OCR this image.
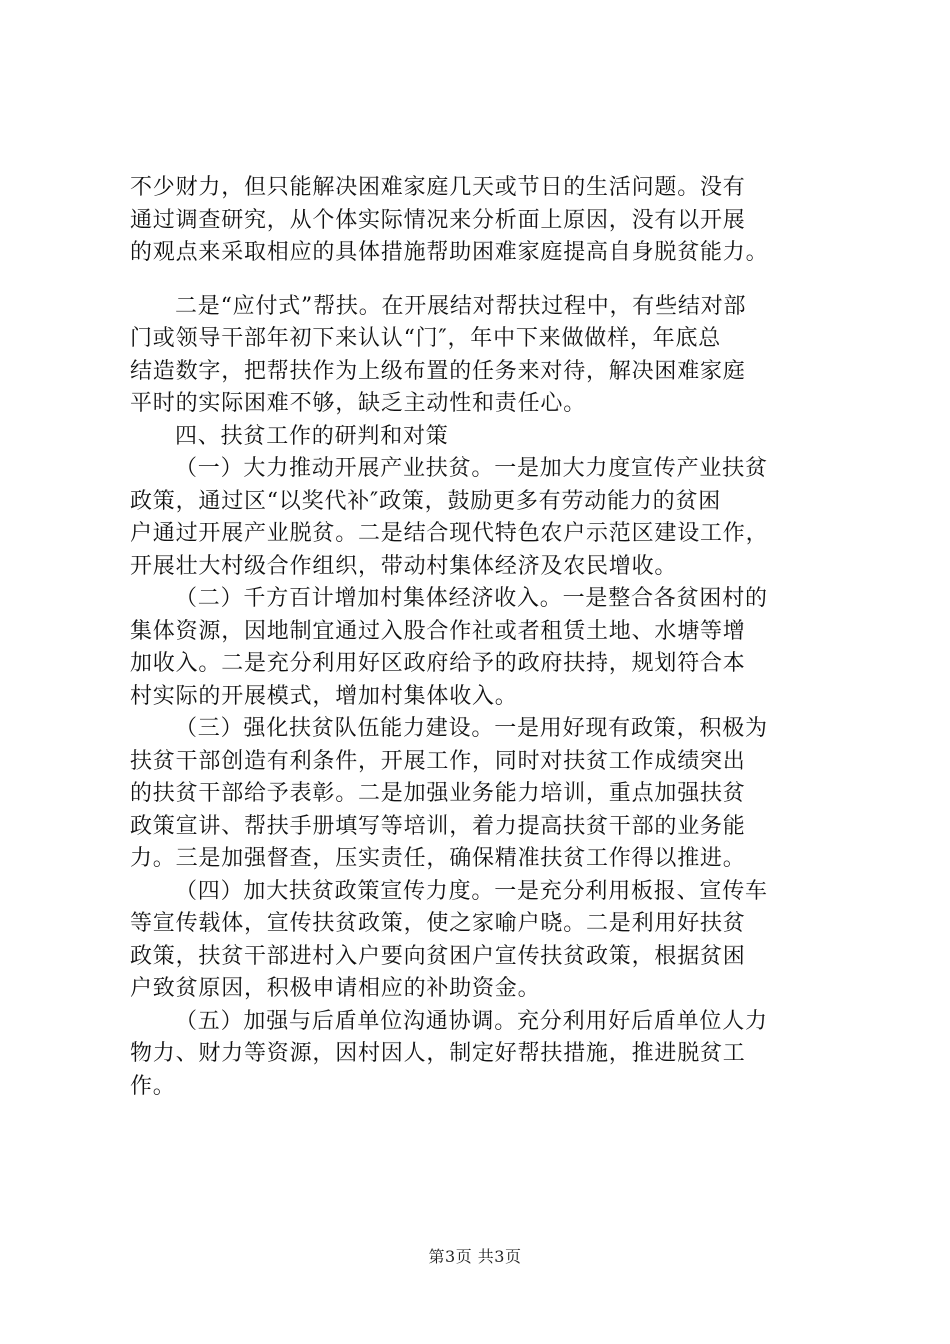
不少财力，但只能解决困难家庭几天或节日的生活问题。没有
通过调查研究，从个体实际情况来分析面上原因，没有以开展
的观点来采取相应的具体措施帮助困难家庭提高自身脱贫能力。
二是“应付式”帮扶。在开展结对帮扶过程中，有些结对部
门或领导干部年初下来认认“门″，年中下来做做样，年底总
结造数字，把帮扶作为上级布置的任务来对待，解决困难家庭
平时的实际困难不够，缺乏主动性和责任心。
四、扶贫工作的研判和对策
（一）大力推动开展产业扶贫。一是加大力度宣传产业扶贫
政策，通过区“以奖代补″政策，鼓励更多有劳动能力的贫困
户通过开展产业脱贫。二是结合现代特色农户示范区建设工作，
开展壮大村级合作组织，带动村集体经济及农民增收。
（二）千方百计增加村集体经济收入。一是整合各贫困村的
集体资源，因地制宜通过入股合作社或者租赁土地、水塘等增
加收入。二是充分利用好区政府给予的政府扶持，规划符合本
村实际的开展模式，增加村集体收入。
（三）强化扶贫队伍能力建设。一是用好现有政策，积极为
扶贫干部创造有利条件，开展工作，同时对扶贫工作成绩突出
的扶贫干部给予表彰。二是加强业务能力培训，重点加强扶贫
政策宣讲、帮扶手册填写等培训，着力提高扶贫干部的业务能
力。三是加强督查，压实责任，确保精准扶贫工作得以推进。
（四）加大扶贫政策宣传力度。一是充分利用板报、宣传车
等宣传载体，宣传扶贫政策，使之家喻户晓。二是利用好扶贫
政策，扶贫干部进村入户要向贫困户宣传扶贫政策，根据贫困
户致贫原因，积极申请相应的补助资金。
（五）加强与后盾单位沟通协调。充分利用好后盾单位人力
物力、财力等资源，因村因人，制定好帮扶措施，推进脱贫工
作。
第3页 共3页
